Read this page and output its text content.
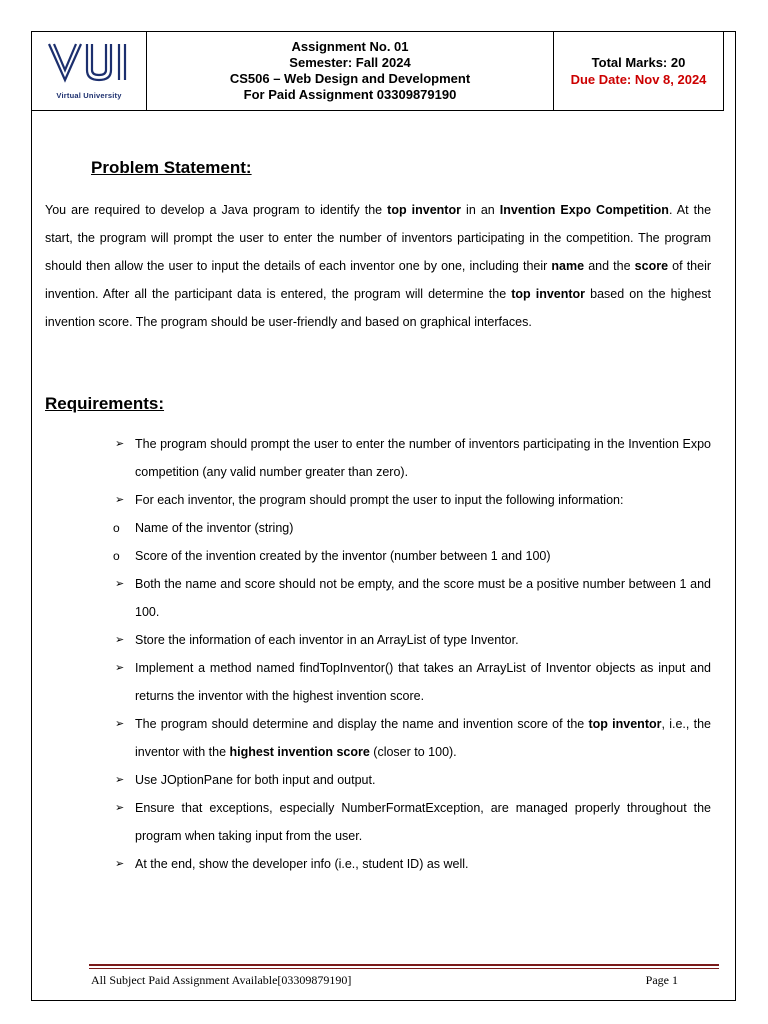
Virtual University

Assignment No. 01
Semester: Fall 2024
CS506 – Web Design and Development
For Paid Assignment 03309879190

Total Marks: 20
Due Date: Nov 8, 2024
Problem Statement:

You are required to develop a Java program to identify the top inventor in an Invention Expo Competition. At the start, the program will prompt the user to enter the number of inventors participating in the competition. The program should then allow the user to input the details of each inventor one by one, including their name and the score of their invention. After all the participant data is entered, the program will determine the top inventor based on the highest invention score. The program should be user-friendly and based on graphical interfaces.

Requirements:
➢ The program should prompt the user to enter the number of inventors participating in the Invention Expo competition (any valid number greater than zero).
➢ For each inventor, the program should prompt the user to input the following information:
o Name of the inventor (string)
o Score of the invention created by the inventor (number between 1 and 100)
➢ Both the name and score should not be empty, and the score must be a positive number between 1 and 100.
➢ Store the information of each inventor in an ArrayList of type Inventor.
➢ Implement a method named findTopInventor() that takes an ArrayList of Inventor objects as input and returns the inventor with the highest invention score.
➢ The program should determine and display the name and invention score of the top inventor, i.e., the inventor with the highest invention score (closer to 100).
➢ Use JOptionPane for both input and output.
➢ Ensure that exceptions, especially NumberFormatException, are managed properly throughout the program when taking input from the user.
➢ At the end, show the developer info (i.e., student ID) as well.
All Subject Paid Assignment Available[03309879190]	Page 1
